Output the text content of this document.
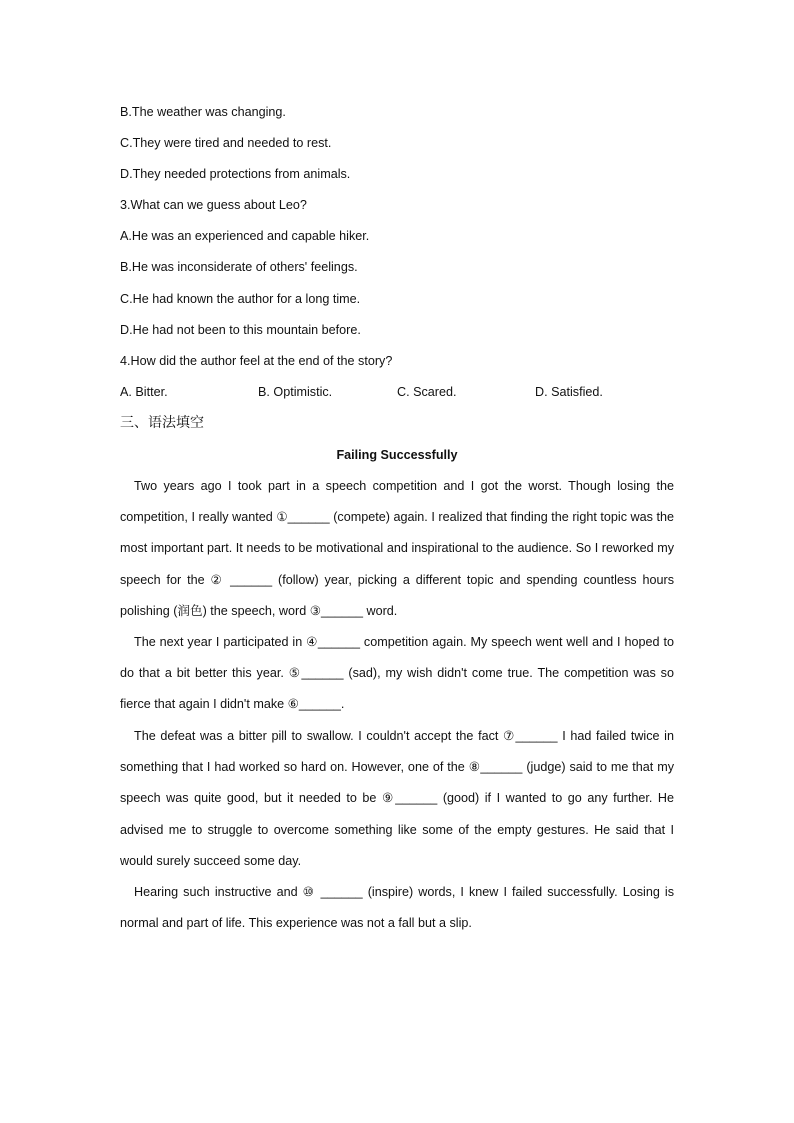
B.The weather was changing.
C.They were tired and needed to rest.
D.They needed protections from animals.
3.What can we guess about Leo?
A.He was an experienced and capable hiker.
B.He was inconsiderate of others' feelings.
C.He had known the author for a long time.
D.He had not been to this mountain before.
4.How did the author feel at the end of the story?
A. Bitter.	B. Optimistic.	C. Scared.	D. Satisfied.
三、语法填空
Failing Successfully

Two years ago I took part in a speech competition and I got the worst. Though losing the competition, I really wanted ①______ (compete) again. I realized that finding the right topic was the most important part. It needs to be motivational and inspirational to the audience. So I reworked my speech for the ② ______ (follow) year, picking a different topic and spending countless hours polishing (润色) the speech, word ③______ word.

The next year I participated in ④______ competition again. My speech went well and I hoped to do that a bit better this year. ⑤______ (sad), my wish didn't come true. The competition was so fierce that again I didn't make ⑥______.

The defeat was a bitter pill to swallow. I couldn't accept the fact ⑦______ I had failed twice in something that I had worked so hard on. However, one of the ⑧______ (judge) said to me that my speech was quite good, but it needed to be ⑨______ (good) if I wanted to go any further. He advised me to struggle to overcome something like some of the empty gestures. He said that I would surely succeed some day.

Hearing such instructive and ⑩ ______ (inspire) words, I knew I failed successfully. Losing is normal and part of life. This experience was not a fall but a slip.
